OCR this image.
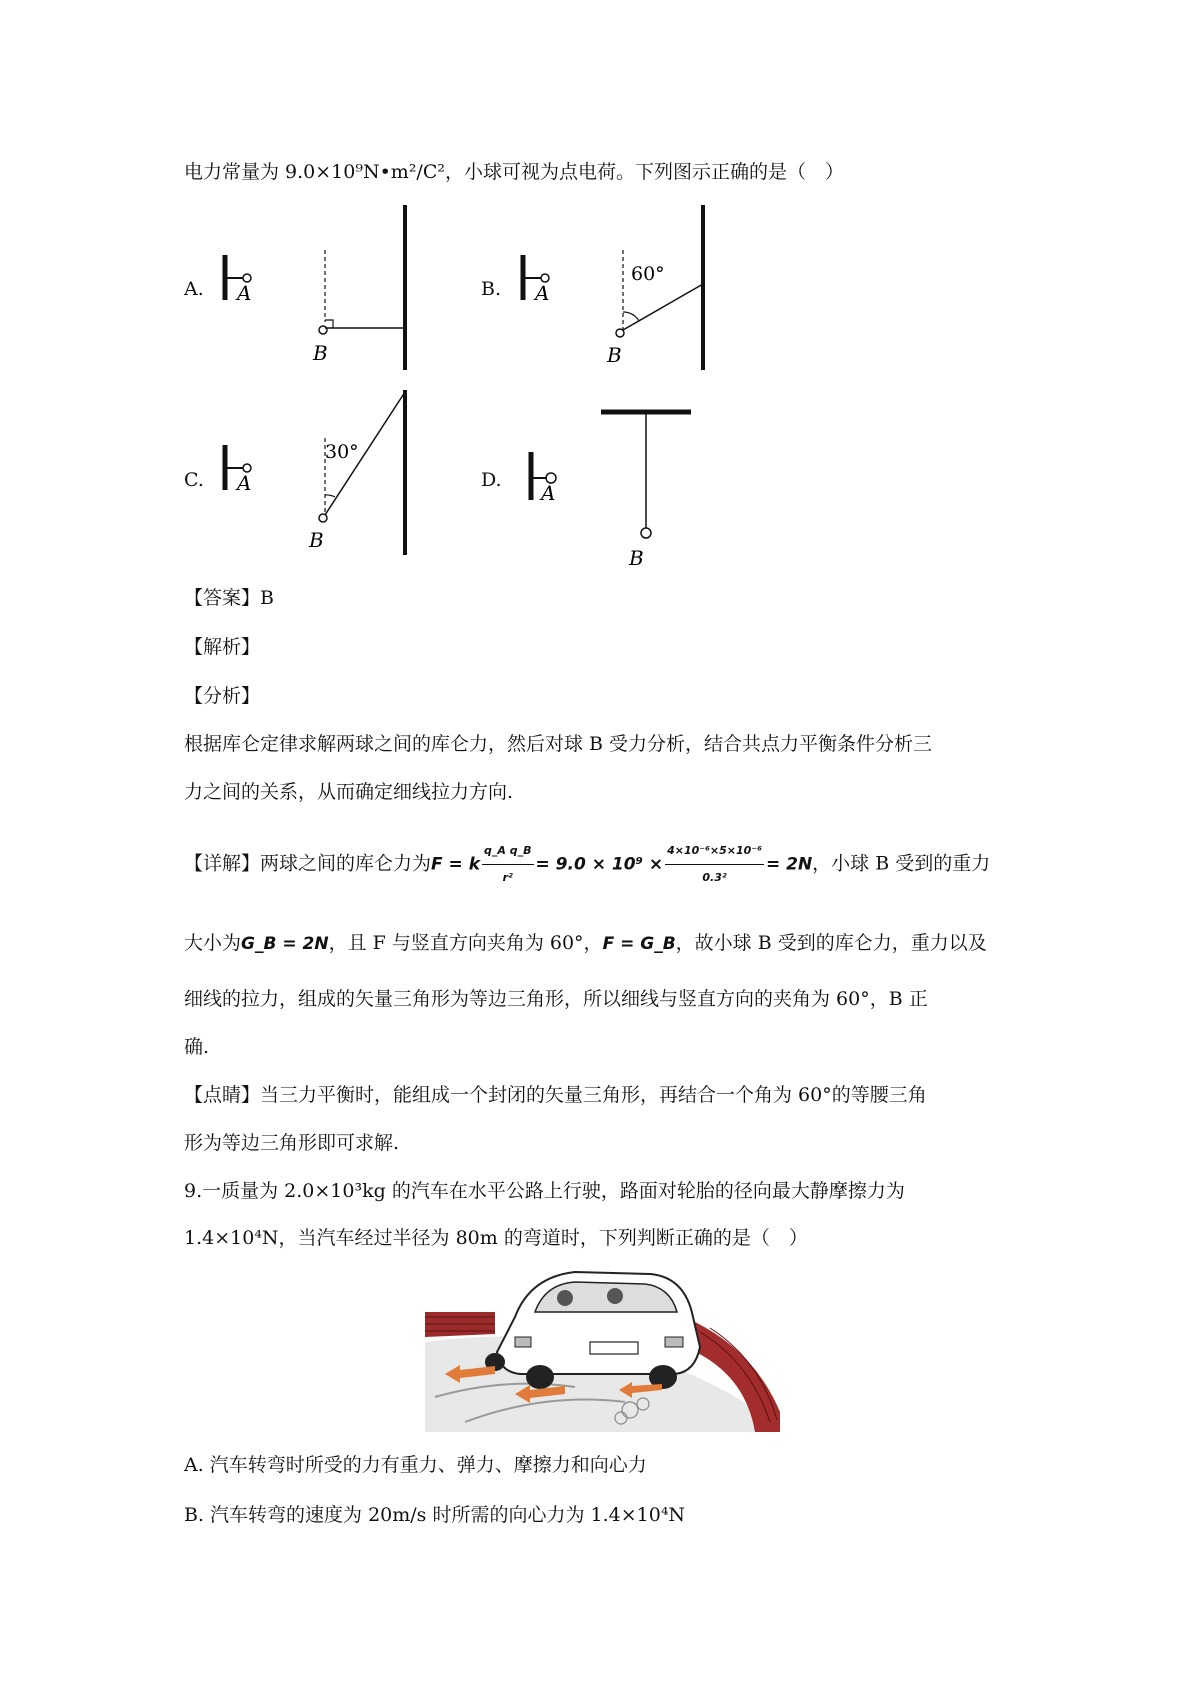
电力常量为 9.0×10⁹N•m²/C²，小球可视为点电荷。下列图示正确的是（　）
A.	B.
C.	D.
A
B
A
60°
B
A
30°
B
A
B
【答案】B
【解析】
【分析】
根据库仑定律求解两球之间的库仑力，然后对球 B 受力分析，结合共点力平衡条件分析三
力之间的关系，从而确定细线拉力方向.
【详解】两球之间的库仑力为F = k $\frac{\text{q\_A q\_B}}{\text{r²}} = 9.0 \times 10^9 \times \frac{\text{4×10⁻⁶×5×10⁻⁶}}{\text{0.3²}} = 2N$，小球 B 受到的重力
大小为G_B = 2N，且 F 与竖直方向夹角为 60°，F = G_B，故小球 B 受到的库仑力，重力以及
细线的拉力，组成的矢量三角形为等边三角形，所以细线与竖直方向的夹角为 60°，B 正
确.
【点睛】当三力平衡时，能组成一个封闭的矢量三角形，再结合一个角为 60°的等腰三角
形为等边三角形即可求解.
9.一质量为 2.0×10³kg 的汽车在水平公路上行驶，路面对轮胎的径向最大静摩擦力为
1.4×10⁴N，当汽车经过半径为 80m 的弯道时，下列判断正确的是（　）
A. 汽车转弯时所受的力有重力、弹力、摩擦力和向心力
B. 汽车转弯的速度为 20m/s 时所需的向心力为 1.4×10⁴N
